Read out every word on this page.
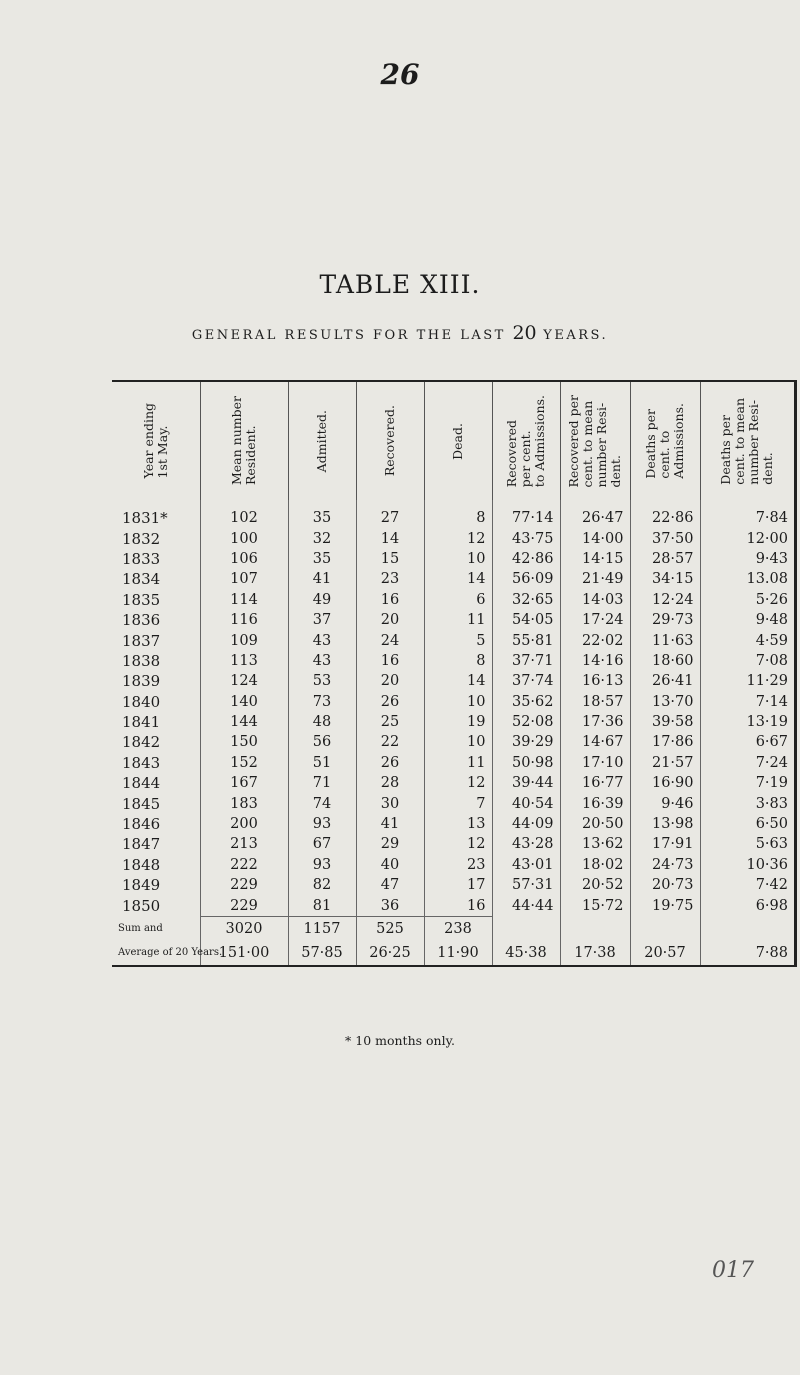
26
TABLE XIII.
GENERAL RESULTS FOR THE LAST 20 YEARS.
Year ending
1st May.	Mean number
Resident.	Admitted.	Recovered.	Dead.	Recovered
per cent.
to Admissions.	Recovered per
cent. to mean
number Resi-
dent.	Deaths per
cent. to
Admissions.	Deaths per
cent. to mean
number Resi-
dent.

1831*	102	35	27	8	77·14	26·47	22·86	7·84
1832	100	32	14	12	43·75	14·00	37·50	12·00
1833	106	35	15	10	42·86	14·15	28·57	9·43
1834	107	41	23	14	56·09	21·49	34·15	13.08
1835	114	49	16	6	32·65	14·03	12·24	5·26
1836	116	37	20	11	54·05	17·24	29·73	9·48
1837	109	43	24	5	55·81	22·02	11·63	4·59
1838	113	43	16	8	37·71	14·16	18·60	7·08
1839	124	53	20	14	37·74	16·13	26·41	11·29
1840	140	73	26	10	35·62	18·57	13·70	7·14
1841	144	48	25	19	52·08	17·36	39·58	13·19
1842	150	56	22	10	39·29	14·67	17·86	6·67
1843	152	51	26	11	50·98	17·10	21·57	7·24
1844	167	71	28	12	39·44	16·77	16·90	7·19
1845	183	74	30	7	40·54	16·39	9·46	3·83
1846	200	93	41	13	44·09	20·50	13·98	6·50
1847	213	67	29	12	43·28	13·62	17·91	5·63
1848	222	93	40	23	43·01	18·02	24·73	10·36
1849	229	82	47	17	57·31	20·52	20·73	7·42
1850	229	81	36	16	44·44	15·72	19·75	6·98
Sum and	3020	1157	525	238				
Average of 20 Years.	151·00	57·85	26·25	11·90	45·38	17·38	20·57	7·88
* 10 months only.
017
